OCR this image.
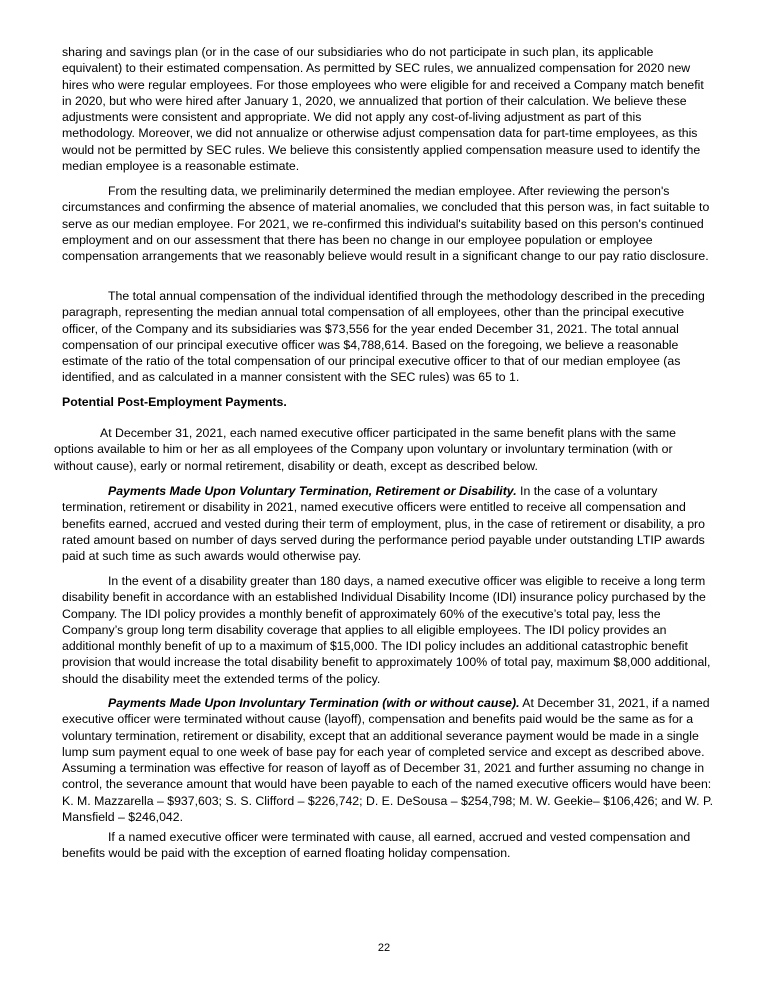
sharing and savings plan (or in the case of our subsidiaries who do not participate in such plan, its applicable equivalent) to their estimated compensation. As permitted by SEC rules, we annualized compensation for 2020 new hires who were regular employees. For those employees who were eligible for and received a Company match benefit in 2020, but who were hired after January 1, 2020, we annualized that portion of their calculation. We believe these adjustments were consistent and appropriate. We did not apply any cost-of-living adjustment as part of this methodology. Moreover, we did not annualize or otherwise adjust compensation data for part-time employees, as this would not be permitted by SEC rules. We believe this consistently applied compensation measure used to identify the median employee is a reasonable estimate.

From the resulting data, we preliminarily determined the median employee. After reviewing the person's circumstances and confirming the absence of material anomalies, we concluded that this person was, in fact suitable to serve as our median employee. For 2021, we re-confirmed this individual's suitability based on this person's continued employment and on our assessment that there has been no change in our employee population or employee compensation arrangements that we reasonably believe would result in a significant change to our pay ratio disclosure.

The total annual compensation of the individual identified through the methodology described in the preceding paragraph, representing the median annual total compensation of all employees, other than the principal executive officer, of the Company and its subsidiaries was $73,556 for the year ended December 31, 2021. The total annual compensation of our principal executive officer was $4,788,614. Based on the foregoing, we believe a reasonable estimate of the ratio of the total compensation of our principal executive officer to that of our median employee (as identified, and as calculated in a manner consistent with the SEC rules) was 65 to 1.

Potential Post-Employment Payments.

At December 31, 2021, each named executive officer participated in the same benefit plans with the same options available to him or her as all employees of the Company upon voluntary or involuntary termination (with or without cause), early or normal retirement, disability or death, except as described below.

Payments Made Upon Voluntary Termination, Retirement or Disability. In the case of a voluntary termination, retirement or disability in 2021, named executive officers were entitled to receive all compensation and benefits earned, accrued and vested during their term of employment, plus, in the case of retirement or disability, a pro rated amount based on number of days served during the performance period payable under outstanding LTIP awards paid at such time as such awards would otherwise pay.

In the event of a disability greater than 180 days, a named executive officer was eligible to receive a long term disability benefit in accordance with an established Individual Disability Income (IDI) insurance policy purchased by the Company. The IDI policy provides a monthly benefit of approximately 60% of the executive’s total pay, less the Company’s group long term disability coverage that applies to all eligible employees. The IDI policy provides an additional monthly benefit of up to a maximum of $15,000. The IDI policy includes an additional catastrophic benefit provision that would increase the total disability benefit to approximately 100% of total pay, maximum $8,000 additional, should the disability meet the extended terms of the policy.

Payments Made Upon Involuntary Termination (with or without cause). At December 31, 2021, if a named executive officer were terminated without cause (layoff), compensation and benefits paid would be the same as for a voluntary termination, retirement or disability, except that an additional severance payment would be made in a single lump sum payment equal to one week of base pay for each year of completed service and except as described above. Assuming a termination was effective for reason of layoff as of December 31, 2021 and further assuming no change in control, the severance amount that would have been payable to each of the named executive officers would have been: K. M. Mazzarella – $937,603; S. S. Clifford – $226,742; D. E. DeSousa – $254,798; M. W. Geekie– $106,426; and W. P. Mansfield – $246,042.

If a named executive officer were terminated with cause, all earned, accrued and vested compensation and benefits would be paid with the exception of earned floating holiday compensation.

22
